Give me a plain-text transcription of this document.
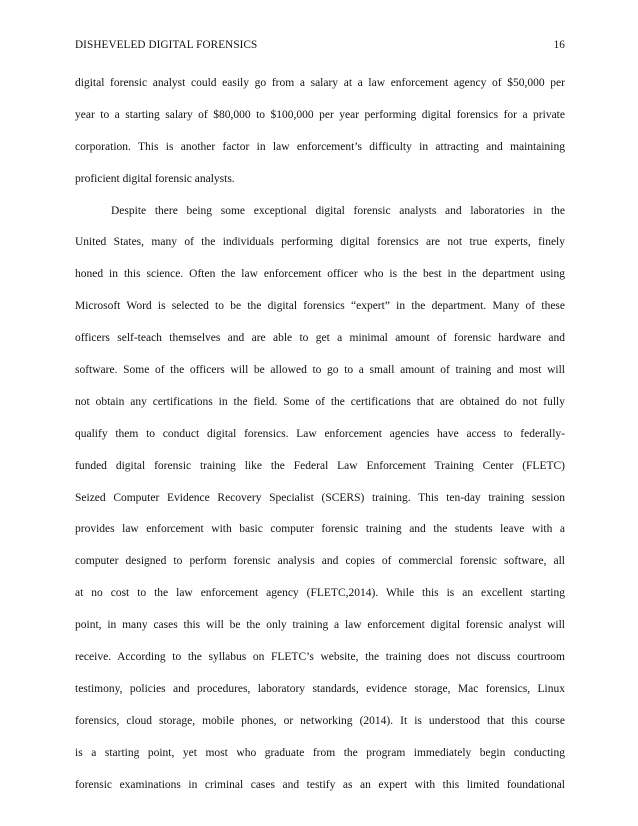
DISHEVELED DIGITAL FORENSICS	16
digital forensic analyst could easily go from a salary at a law enforcement agency of $50,000 per
year to a starting salary of $80,000 to $100,000 per year performing digital forensics for a private
corporation. This is another factor in law enforcement’s difficulty in attracting and maintaining
proficient digital forensic analysts.
Despite there being some exceptional digital forensic analysts and laboratories in the
United States, many of the individuals performing digital forensics are not true experts, finely
honed in this science. Often the law enforcement officer who is the best in the department using
Microsoft Word is selected to be the digital forensics “expert” in the department. Many of these
officers self-teach themselves and are able to get a minimal amount of forensic hardware and
software. Some of the officers will be allowed to go to a small amount of training and most will
not obtain any certifications in the field. Some of the certifications that are obtained do not fully
qualify them to conduct digital forensics. Law enforcement agencies have access to federally-
funded digital forensic training like the Federal Law Enforcement Training Center (FLETC)
Seized Computer Evidence Recovery Specialist (SCERS) training. This ten-day training session
provides law enforcement with basic computer forensic training and the students leave with a
computer designed to perform forensic analysis and copies of commercial forensic software, all
at no cost to the law enforcement agency (FLETC,2014). While this is an excellent starting
point, in many cases this will be the only training a law enforcement digital forensic analyst will
receive. According to the syllabus on FLETC’s website, the training does not discuss courtroom
testimony, policies and procedures, laboratory standards, evidence storage, Mac forensics, Linux
forensics, cloud storage, mobile phones, or networking (2014). It is understood that this course
is a starting point, yet most who graduate from the program immediately begin conducting
forensic examinations in criminal cases and testify as an expert with this limited foundational
